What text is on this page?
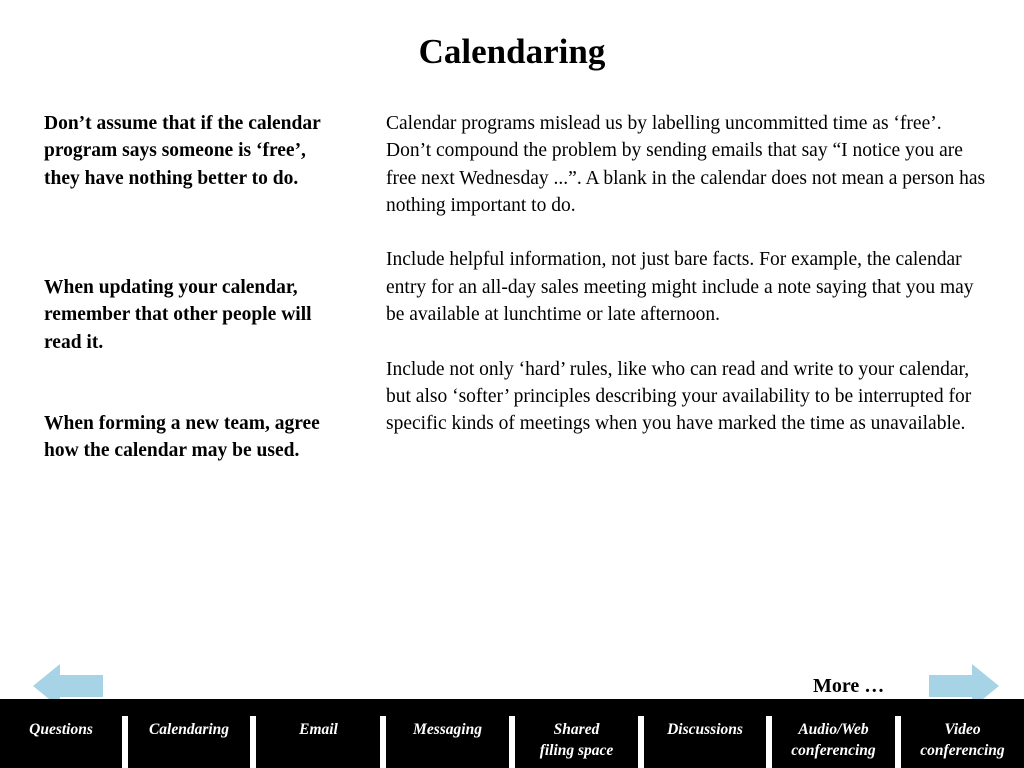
Calendaring

Don’t assume that if the calendar program says someone is ‘free’, they have nothing better to do.

When updating your calendar, remember that other people will read it.

When forming a new team, agree how the calendar may be used.

Calendar programs mislead us by labelling uncommitted time as ‘free’. Don’t compound the problem by sending emails that say “I notice you are free next Wednesday ...”. A blank in the calendar does not mean a person has nothing important to do.

Include helpful information, not just bare facts. For example, the calendar entry for an all-day sales meeting might include a note saying that you may be available at lunchtime or late afternoon.

Include not only ‘hard’ rules, like who can read and write to your calendar, but also ‘softer’ principles describing your availability to be interrupted for specific kinds of meetings when you have marked the time as unavailable.

More …
Questions	Calendaring	Email	Messaging	Shared
filing space
Discussions	Audio/Web
conferencing
Video
conferencing
